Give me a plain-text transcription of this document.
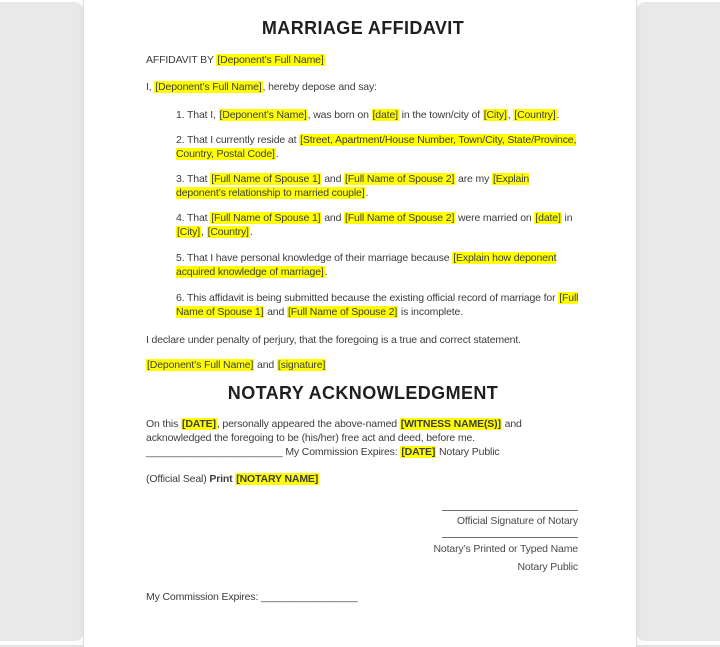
MARRIAGE AFFIDAVIT

AFFIDAVIT BY [Deponent’s Full Name]

I, [Deponent’s Full Name], hereby depose and say:

1. That I, [Deponent’s Name], was born on [date] in the town/city of [City], [Country].

2. That I currently reside at [Street, Apartment/House Number, Town/City, State/Province, Country, Postal Code].

3. That [Full Name of Spouse 1] and [Full Name of Spouse 2] are my [Explain deponent’s relationship to married couple].

4. That [Full Name of Spouse 1] and [Full Name of Spouse 2] were married on [date] in [City], [Country].

5. That I have personal knowledge of their marriage because [Explain how deponent acquired knowledge of marriage].

6. This affidavit is being submitted because the existing official record of marriage for [Full Name of Spouse 1] and [Full Name of Spouse 2] is incomplete.

I declare under penalty of perjury, that the foregoing is a true and correct statement.

[Deponent’s Full Name] and [signature]

NOTARY ACKNOWLEDGMENT

On this [DATE], personally appeared the above-named [WITNESS NAME(S)] and acknowledged the foregoing to be (his/her) free act and deed, before me. ________________________ My Commission Expires: [DATE] Notary Public

(Official Seal) Print [NOTARY NAME]

Official Signature of Notary
Notary’s Printed or Typed Name
Notary Public

My Commission Expires: _________________
